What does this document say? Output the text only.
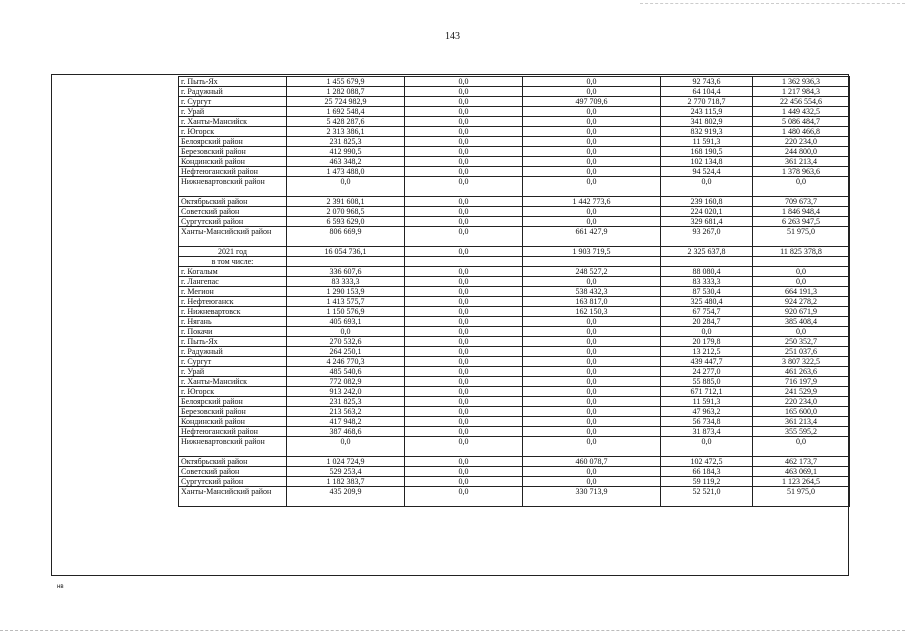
143
г. Пыть-Ях	1 455 679,9	0,0	0,0	92 743,6	1 362 936,3
г. Радужный	1 282 088,7	0,0	0,0	64 104,4	1 217 984,3
г. Сургут	25 724 982,9	0,0	497 709,6	2 770 718,7	22 456 554,6
г. Урай	1 692 548,4	0,0	0,0	243 115,9	1 449 432,5
г. Ханты-Мансийск	5 428 287,6	0,0	0,0	341 802,9	5 086 484,7
г. Югорск	2 313 386,1	0,0	0,0	832 919,3	1 480 466,8
Белоярский район	231 825,3	0,0	0,0	11 591,3	220 234,0
Березовский район	412 990,5	0,0	0,0	168 190,5	244 800,0
Кондинский район	463 348,2	0,0	0,0	102 134,8	361 213,4
Нефтеюганский район	1 473 488,0	0,0	0,0	94 524,4	1 378 963,6
Нижневартовский район	0,0	0,0	0,0	0,0	0,0
Октябрьский район	2 391 608,1	0,0	1 442 773,6	239 160,8	709 673,7
Советский район	2 070 968,5	0,0	0,0	224 020,1	1 846 948,4
Сургутский район	6 593 629,0	0,0	0,0	329 681,4	6 263 947,5
Ханты-Мансийский район	806 669,9	0,0	661 427,9	93 267,0	51 975,0
2021 год	16 054 736,1	0,0	1 903 719,5	2 325 637,8	11 825 378,8
в том числе:					
г. Когалым	336 607,6	0,0	248 527,2	88 080,4	0,0
г. Лангепас	83 333,3	0,0	0,0	83 333,3	0,0
г. Мегион	1 290 153,9	0,0	538 432,3	87 530,4	664 191,3
г. Нефтеюганск	1 413 575,7	0,0	163 817,0	325 480,4	924 278,2
г. Нижневартовск	1 150 576,9	0,0	162 150,3	67 754,7	920 671,9
г. Нягань	405 693,1	0,0	0,0	20 284,7	385 408,4
г. Покачи	0,0	0,0	0,0	0,0	0,0
г. Пыть-Ях	270 532,6	0,0	0,0	20 179,8	250 352,7
г. Радужный	264 250,1	0,0	0,0	13 212,5	251 037,6
г. Сургут	4 246 770,3	0,0	0,0	439 447,7	3 807 322,5
г. Урай	485 540,6	0,0	0,0	24 277,0	461 263,6
г. Ханты-Мансийск	772 082,9	0,0	0,0	55 885,0	716 197,9
г. Югорск	913 242,0	0,0	0,0	671 712,1	241 529,9
Белоярский район	231 825,3	0,0	0,0	11 591,3	220 234,0
Березовский район	213 563,2	0,0	0,0	47 963,2	165 600,0
Кондинский район	417 948,2	0,0	0,0	56 734,8	361 213,4
Нефтеюганский район	387 468,6	0,0	0,0	31 873,4	355 595,2
Нижневартовский район	0,0	0,0	0,0	0,0	0,0
Октябрьский район	1 024 724,9	0,0	460 078,7	102 472,5	462 173,7
Советский район	529 253,4	0,0	0,0	66 184,3	463 069,1
Сургутский район	1 182 383,7	0,0	0,0	59 119,2	1 123 264,5
Ханты-Мансийский район	435 209,9	0,0	330 713,9	52 521,0	51 975,0
нв
